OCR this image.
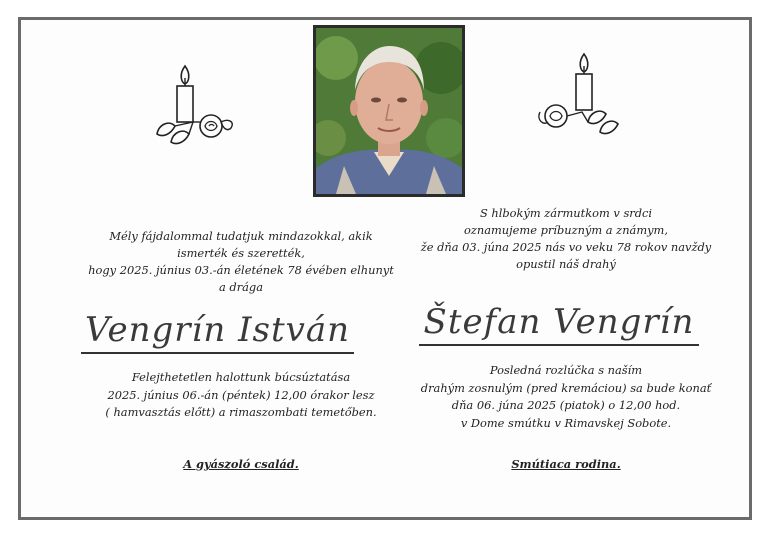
Mély fájdalommal tudatjuk mindazokkal, akik
ismerték és szerették,
hogy 2025. június 03.-án életének 78 évében elhunyt
a drága
S hlbokým zármutkom v srdci
oznamujeme príbuzným a známym,
že dňa 03. júna 2025 nás vo veku 78 rokov navždy
opustil náš drahý
Vengrín István Štefan Vengrín
Felejthetetlen halottunk búcsúztatása
2025. június 06.-án (péntek) 12,00 órakor lesz
( hamvasztás előtt) a rimaszombati temetőben.
Posledná rozlúčka s naším
drahým zosnulým (pred kremáciou) sa bude konať
dňa 06. júna 2025 (piatok) o 12,00 hod.
v Dome smútku v Rimavskej Sobote.
A gyászoló család.	Smútiaca rodina.
